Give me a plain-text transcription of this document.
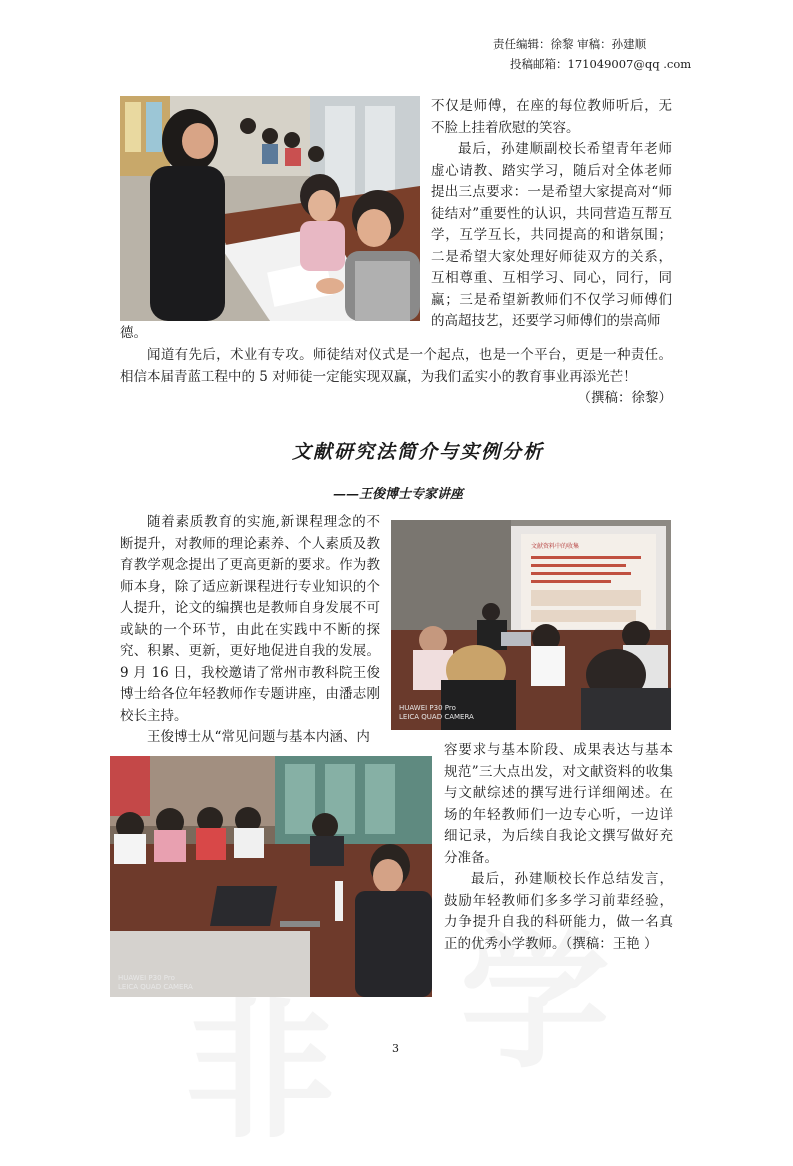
责任编辑：徐黎 审稿：孙建顺
投稿邮箱：171049007@qq .com

不仅是师傅，在座的每位教师听后，无不脸上挂着欣慰的笑容。

最后，孙建顺副校长希望青年老师虚心请教、踏实学习，随后对全体老师提出三点要求：一是希望大家提高对“师徒结对”重要性的认识，共同营造互帮互学，互学互长，共同提高的和谐氛围；二是希望大家处理好师徒双方的关系，互相尊重、互相学习、同心，同行，同赢；三是希望新教师们不仅学习师傅们的高超技艺，还要学习师傅们的崇高师

德。

闻道有先后，术业有专攻。师徒结对仪式是一个起点，也是一个平台，更是一种责任。相信本届青蓝工程中的 5 对师徒一定能实现双赢，为我们孟实小的教育事业再添光芒！

（撰稿：徐黎）

文献研究法简介与实例分析
——王俊博士专家讲座

随着素质教育的实施,新课程理念的不断提升，对教师的理论素养、个人素质及教育教学观念提出了更高更新的要求。作为教师本身，除了适应新课程进行专业知识的个人提升，论文的编撰也是教师自身发展不可或缺的一个环节，由此在实践中不断的探究、积累、更新，更好地促进自我的发展。9 月 16 日，我校邀请了常州市教科院王俊博士给各位年轻教师作专题讲座，由潘志刚校长主持。

王俊博士从“常见问题与基本内涵、内

文献资料中的收集
HUAWEI P30 Pro
LEICA QUAD CAMERA
HUAWEI P30 Pro
LEICA QUAD CAMERA

容要求与基本阶段、成果表达与基本规范”三大点出发，对文献资料的收集与文献综述的撰写进行详细阐述。在场的年轻教师们一边专心听，一边详细记录，为后续自我论文撰写做好充分准备。

最后，孙建顺校长作总结发言，鼓励年轻教师们多多学习前辈经验，力争提升自我的科研能力，做一名真正的优秀小学教师。（撰稿：王艳 ）

3
